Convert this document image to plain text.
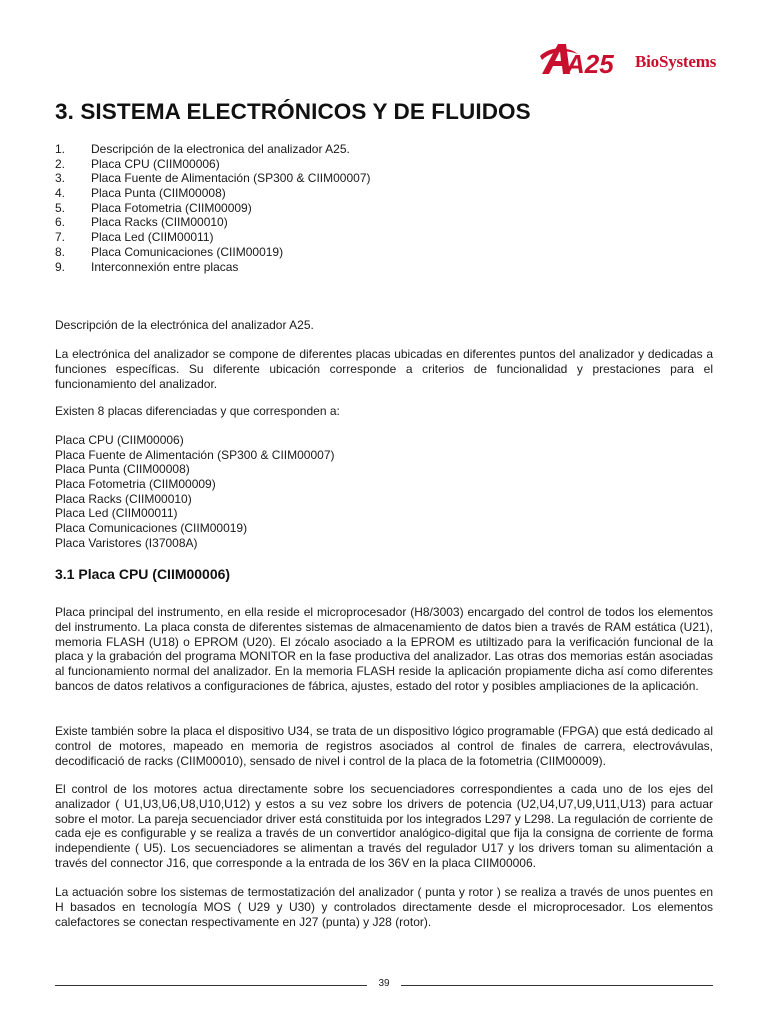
A25 BioSystems
3. SISTEMA ELECTRÓNICOS Y DE FLUIDOS
1. Descripción de la electronica del analizador A25.
2. Placa CPU (CIIM00006)
3. Placa Fuente de Alimentación (SP300 & CIIM00007)
4. Placa Punta (CIIM00008)
5. Placa Fotometria (CIIM00009)
6. Placa Racks (CIIM00010)
7. Placa Led (CIIM00011)
8. Placa Comunicaciones (CIIM00019)
9. Interconnexión entre placas

Descripción de la electrónica del analizador A25.

La electrónica del analizador se compone de diferentes placas ubicadas en diferentes puntos del analizador y dedicadas a funciones específicas. Su diferente ubicación corresponde a criterios de funcionalidad y prestaciones para el funcionamiento del analizador.

Existen 8 placas diferenciadas y que corresponden a:

Placa CPU (CIIM00006)
Placa Fuente de Alimentación (SP300 & CIIM00007)
Placa Punta (CIIM00008)
Placa Fotometria (CIIM00009)
Placa Racks (CIIM00010)
Placa Led (CIIM00011)
Placa Comunicaciones (CIIM00019)
Placa Varistores (I37008A)
3.1 Placa CPU (CIIM00006)

Placa principal del instrumento, en ella reside el microprocesador (H8/3003) encargado del control de todos los elementos del instrumento. La placa consta de diferentes sistemas de almacenamiento de datos bien a través de RAM estática (U21), memoria FLASH (U18) o EPROM (U20). El zócalo asociado a la EPROM es utiltizado para la verificación funcional de la placa y la grabación del programa MONITOR en la fase productiva del analizador. Las otras dos memorias están asociadas al funcionamiento normal del analizador. En la memoria FLASH reside la aplicación propiamente dicha así como diferentes bancos de datos relativos a configuraciones de fábrica, ajustes, estado del rotor y posibles ampliaciones de la aplicación.

Existe también sobre la placa el dispositivo U34, se trata de un dispositivo lógico programable (FPGA) que está dedicado al control de motores, mapeado en memoria de registros asociados al control de finales de carrera, electrovávulas, decodificació de racks (CIIM00010), sensado de nivel i control de la placa de la fotometria (CIIM00009).

El control de los motores actua directamente sobre los secuenciadores correspondientes a cada uno de los ejes del analizador ( U1,U3,U6,U8,U10,U12) y estos a su vez sobre los drivers de potencia (U2,U4,U7,U9,U11,U13) para actuar sobre el motor. La pareja secuenciador driver está constituida por los integrados L297 y L298. La regulación de corriente de cada eje es configurable y se realiza a través de un convertidor analógico-digital que fija la consigna de corriente de forma independiente ( U5). Los secuenciadores se alimentan a través del regulador U17 y los drivers toman su alimentación a través del connector J16, que corresponde a la entrada de los 36V en la placa CIIM00006.

La actuación sobre los sistemas de termostatización del analizador ( punta y rotor ) se realiza a través de unos puentes en H basados en tecnología MOS ( U29 y U30) y controlados directamente desde el microprocesador. Los elementos calefactores se conectan respectivamente en J27 (punta) y J28 (rotor).

39
